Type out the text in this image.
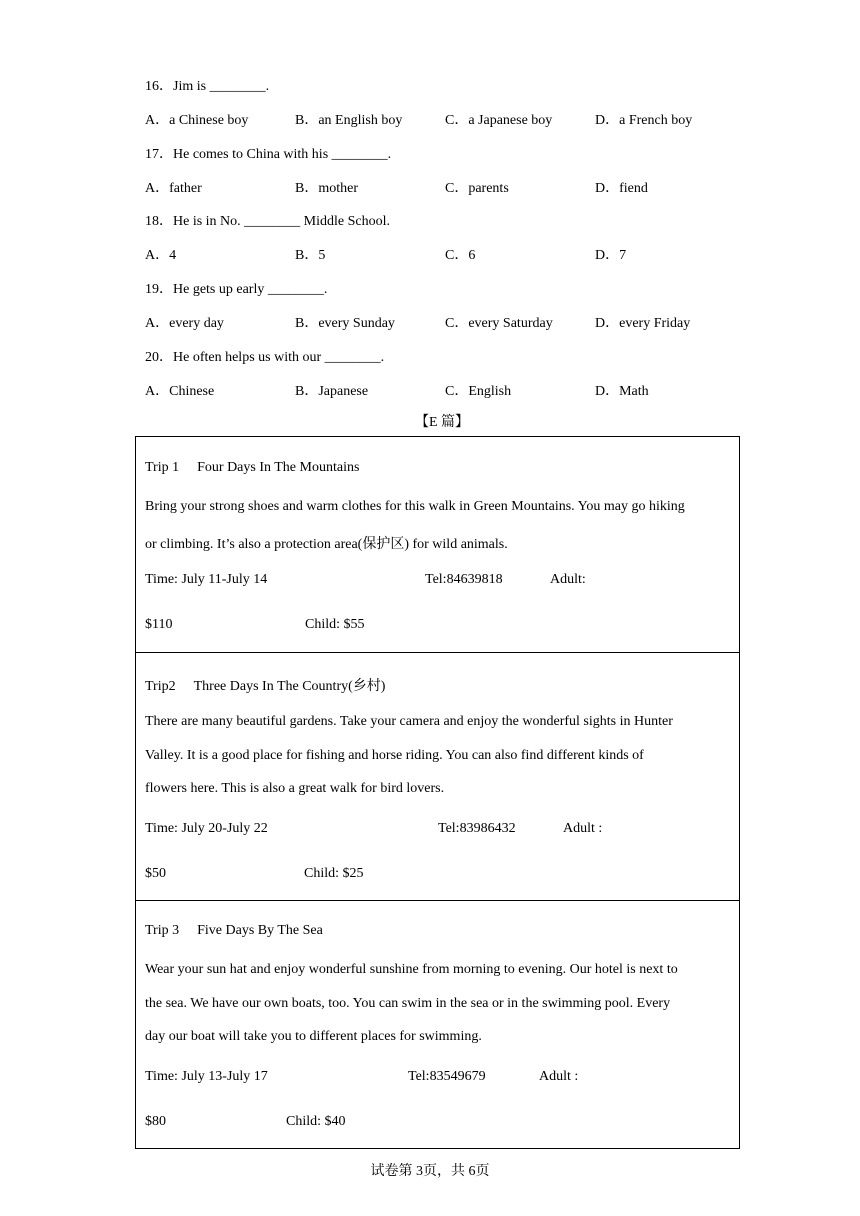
16．Jim is ________.
A．a Chinese boy	B．an English boy	C．a Japanese boy	D．a French boy
17．He comes to China with his ________.
A．father	B．mother	C．parents	D．fiend
18．He is in No. ________ Middle School.
A．4	B．5	C．6	D．7
19．He gets up early ________.
A．every day	B．every Sunday	C．every Saturday	D．every Friday
20．He often helps us with our ________.
A．Chinese	B．Japanese	C．English	D．Math
【E 篇】
Trip 1 Four Days In The Mountains
Bring your strong shoes and warm clothes for this walk in Green Mountains. You may go hiking
or climbing. It’s also a protection area(保护区) for wild animals.
Time: July 11-July 14	Tel:84639818	Adult:
$110	Child: $55
Trip2 Three Days In The Country(乡村)
There are many beautiful gardens. Take your camera and enjoy the wonderful sights in Hunter
Valley. It is a good place for fishing and horse riding. You can also find different kinds of
flowers here. This is also a great walk for bird lovers.
Time: July 20-July 22	Tel:83986432	Adult :
$50	Child: $25
Trip 3 Five Days By The Sea
Wear your sun hat and enjoy wonderful sunshine from morning to evening. Our hotel is next to
the sea. We have our own boats, too. You can swim in the sea or in the swimming pool. Every
day our boat will take you to different places for swimming.
Time: July 13-July 17	Tel:83549679	Adult :
$80	Child: $40
试卷第 3页，共 6页
